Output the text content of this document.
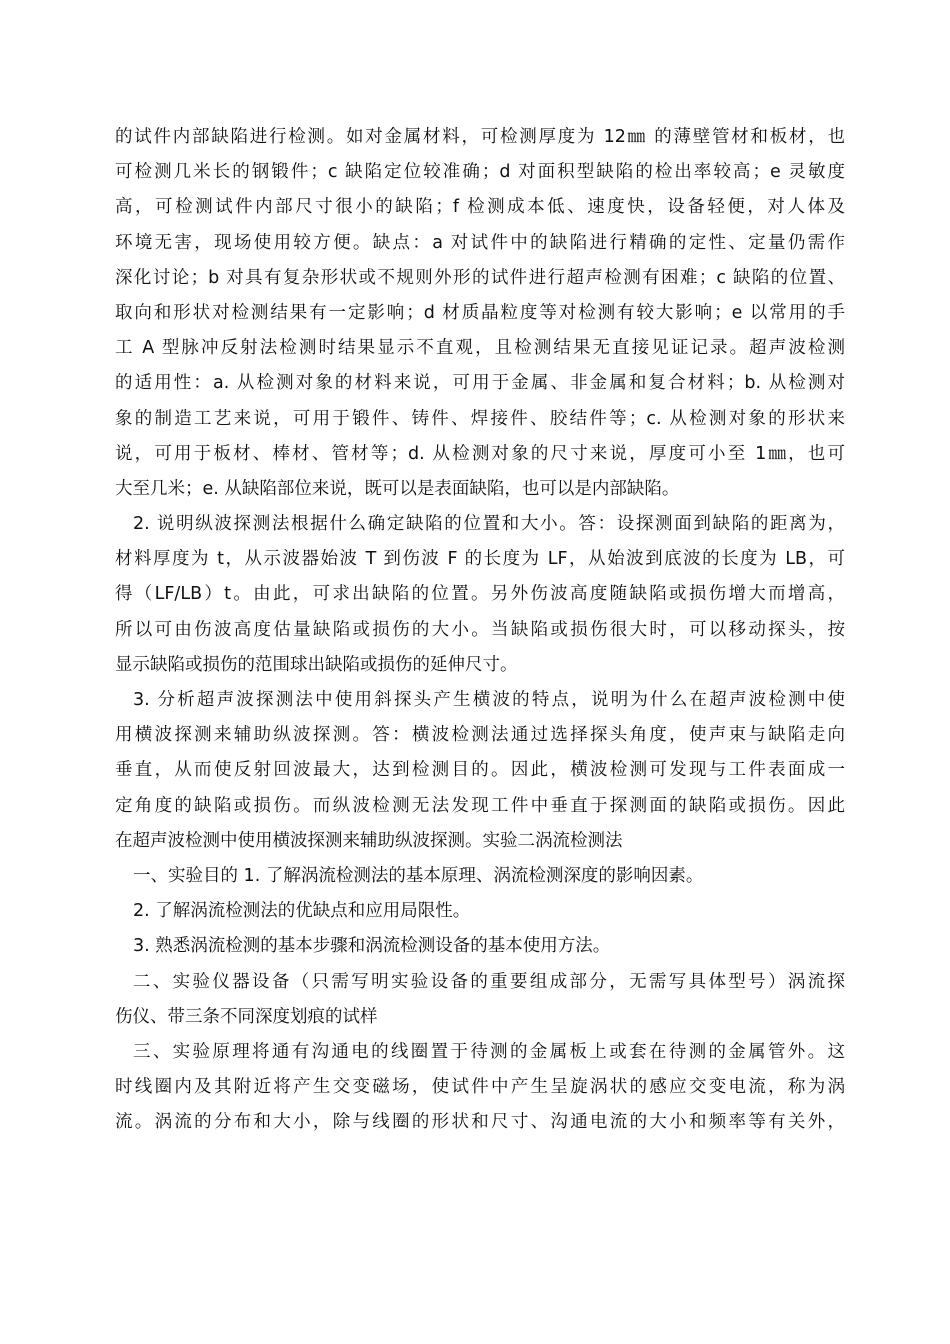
的试件内部缺陷进行检测。如对金属材料，可检测厚度为 12㎜ 的薄壁管材和板材，也
可检测几米长的钢锻件；c 缺陷定位较准确；d 对面积型缺陷的检出率较高；e 灵敏度
高，可检测试件内部尺寸很小的缺陷；f 检测成本低、速度快，设备轻便，对人体及
环境无害，现场使用较方便。缺点：a 对试件中的缺陷进行精确的定性、定量仍需作
深化讨论；b 对具有复杂形状或不规则外形的试件进行超声检测有困难；c 缺陷的位置、
取向和形状对检测结果有一定影响；d 材质晶粒度等对检测有较大影响；e 以常用的手
工 A 型脉冲反射法检测时结果显示不直观，且检测结果无直接见证记录。超声波检测
的适用性：a. 从检测对象的材料来说，可用于金属、非金属和复合材料；b. 从检测对
象的制造工艺来说，可用于锻件、铸件、焊接件、胶结件等；c. 从检测对象的形状来
说，可用于板材、棒材、管材等；d. 从检测对象的尺寸来说，厚度可小至 1㎜，也可
大至几米；e. 从缺陷部位来说，既可以是表面缺陷，也可以是内部缺陷。
2. 说明纵波探测法根据什么确定缺陷的位置和大小。答：设探测面到缺陷的距离为，
材料厚度为 t，从示波器始波 T 到伤波 F 的长度为 LF，从始波到底波的长度为 LB，可
得（LF/LB）t。由此，可求出缺陷的位置。另外伤波高度随缺陷或损伤增大而增高，
所以可由伤波高度估量缺陷或损伤的大小。当缺陷或损伤很大时，可以移动探头，按
显示缺陷或损伤的范围球出缺陷或损伤的延伸尺寸。
3. 分析超声波探测法中使用斜探头产生横波的特点，说明为什么在超声波检测中使
用横波探测来辅助纵波探测。答：横波检测法通过选择探头角度，使声束与缺陷走向
垂直，从而使反射回波最大，达到检测目的。因此，横波检测可发现与工件表面成一
定角度的缺陷或损伤。而纵波检测无法发现工件中垂直于探测面的缺陷或损伤。因此
在超声波检测中使用横波探测来辅助纵波探测。实验二涡流检测法
一、实验目的 1. 了解涡流检测法的基本原理、涡流检测深度的影响因素。
2. 了解涡流检测法的优缺点和应用局限性。
3. 熟悉涡流检测的基本步骤和涡流检测设备的基本使用方法。
二、实验仪器设备（只需写明实验设备的重要组成部分，无需写具体型号）涡流探
伤仪、带三条不同深度划痕的试样
三、实验原理将通有沟通电的线圈置于待测的金属板上或套在待测的金属管外。这
时线圈内及其附近将产生交变磁场，使试件中产生呈旋涡状的感应交变电流，称为涡
流。涡流的分布和大小，除与线圈的形状和尺寸、沟通电流的大小和频率等有关外，
